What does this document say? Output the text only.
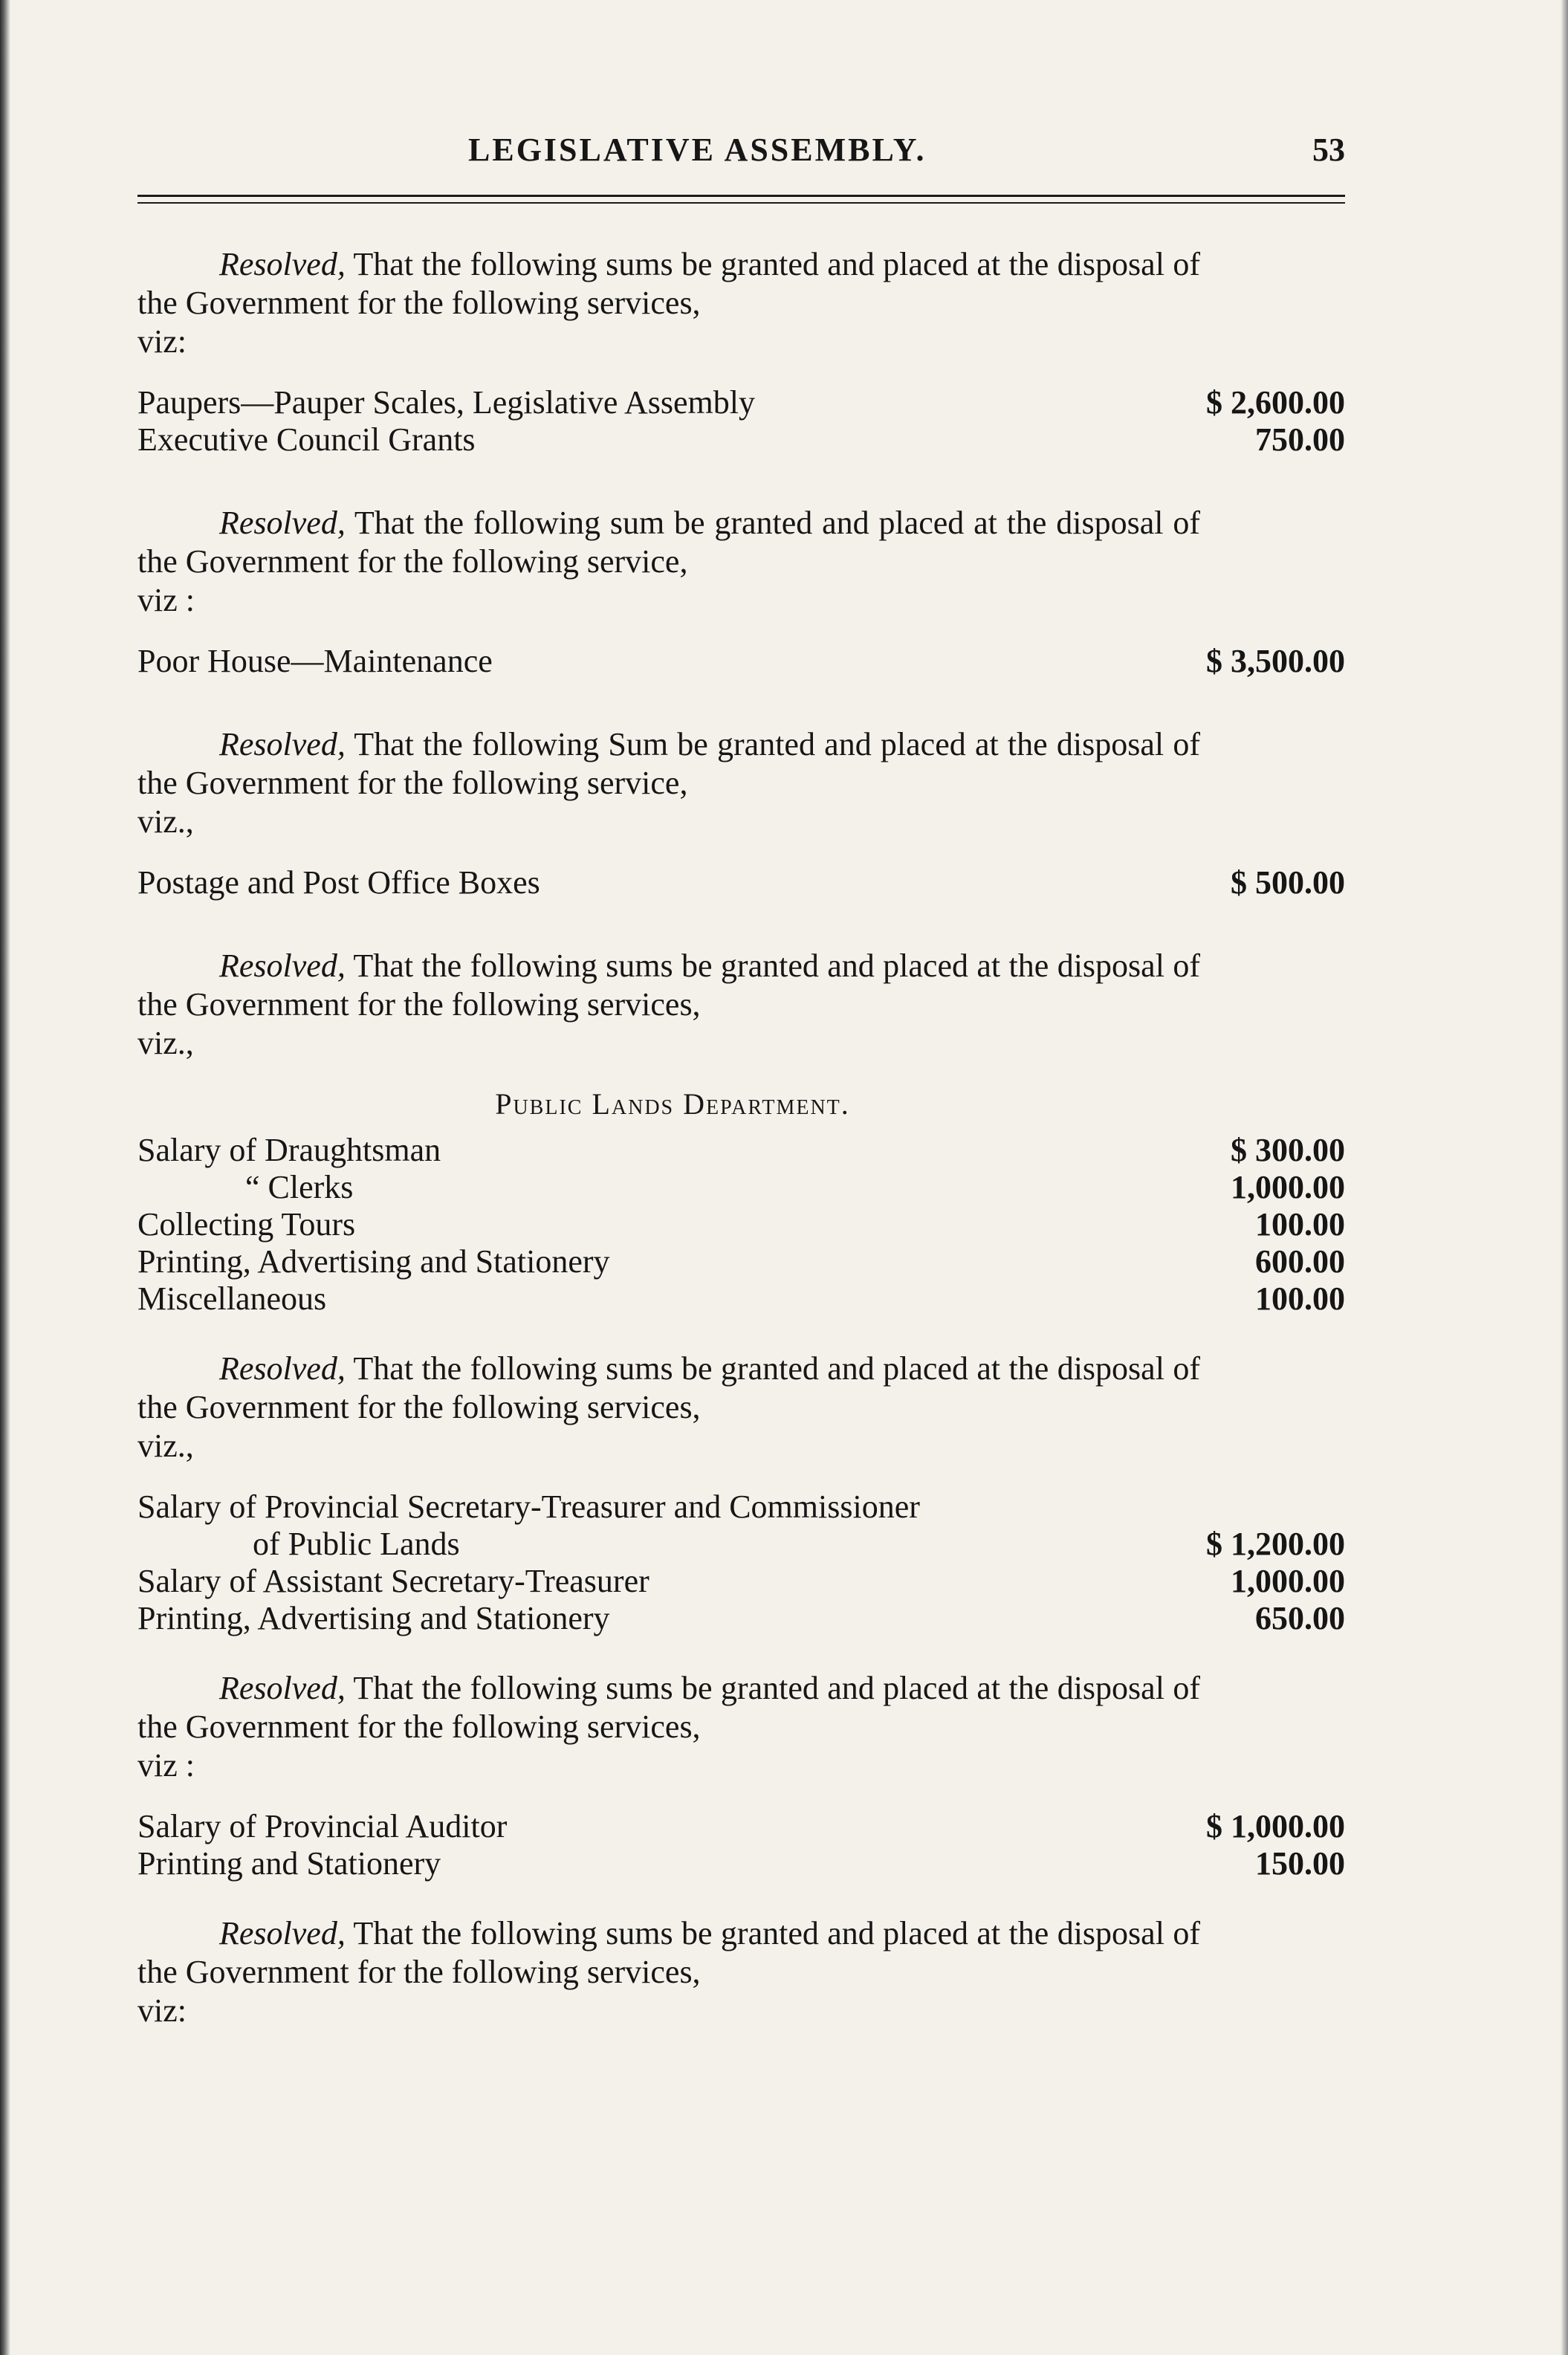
LEGISLATIVE ASSEMBLY.	53

Resolved, That the following sums be granted and placed at the disposal of the Government for the following services,
viz:

Paupers—Pauper Scales, Legislative Assembly	$ 2,600.00
Executive Council Grants	750.00

Resolved, That the following sum be granted and placed at the disposal of the Government for the following service,
viz :

Poor House—Maintenance	$ 3,500.00

Resolved, That the following Sum be granted and placed at the disposal of the Government for the following service,
viz.,

Postage and Post Office Boxes	$ 500.00

Resolved, That the following sums be granted and placed at the disposal of the Government for the following services,
viz.,

Public Lands Department.
Salary of Draughtsman	$ 300.00
“ Clerks	1,000.00
Collecting Tours	100.00
Printing, Advertising and Stationery	600.00
Miscellaneous	100.00

Resolved, That the following sums be granted and placed at the disposal of the Government for the following services,
viz.,

Salary of Provincial Secretary-Treasurer and Commissioner
of Public Lands	$ 1,200.00
Salary of Assistant Secretary-Treasurer	1,000.00
Printing, Advertising and Stationery	650.00

Resolved, That the following sums be granted and placed at the disposal of the Government for the following services,
viz :

Salary of Provincial Auditor	$ 1,000.00
Printing and Stationery	150.00

Resolved, That the following sums be granted and placed at the disposal of the Government for the following services,
viz:
